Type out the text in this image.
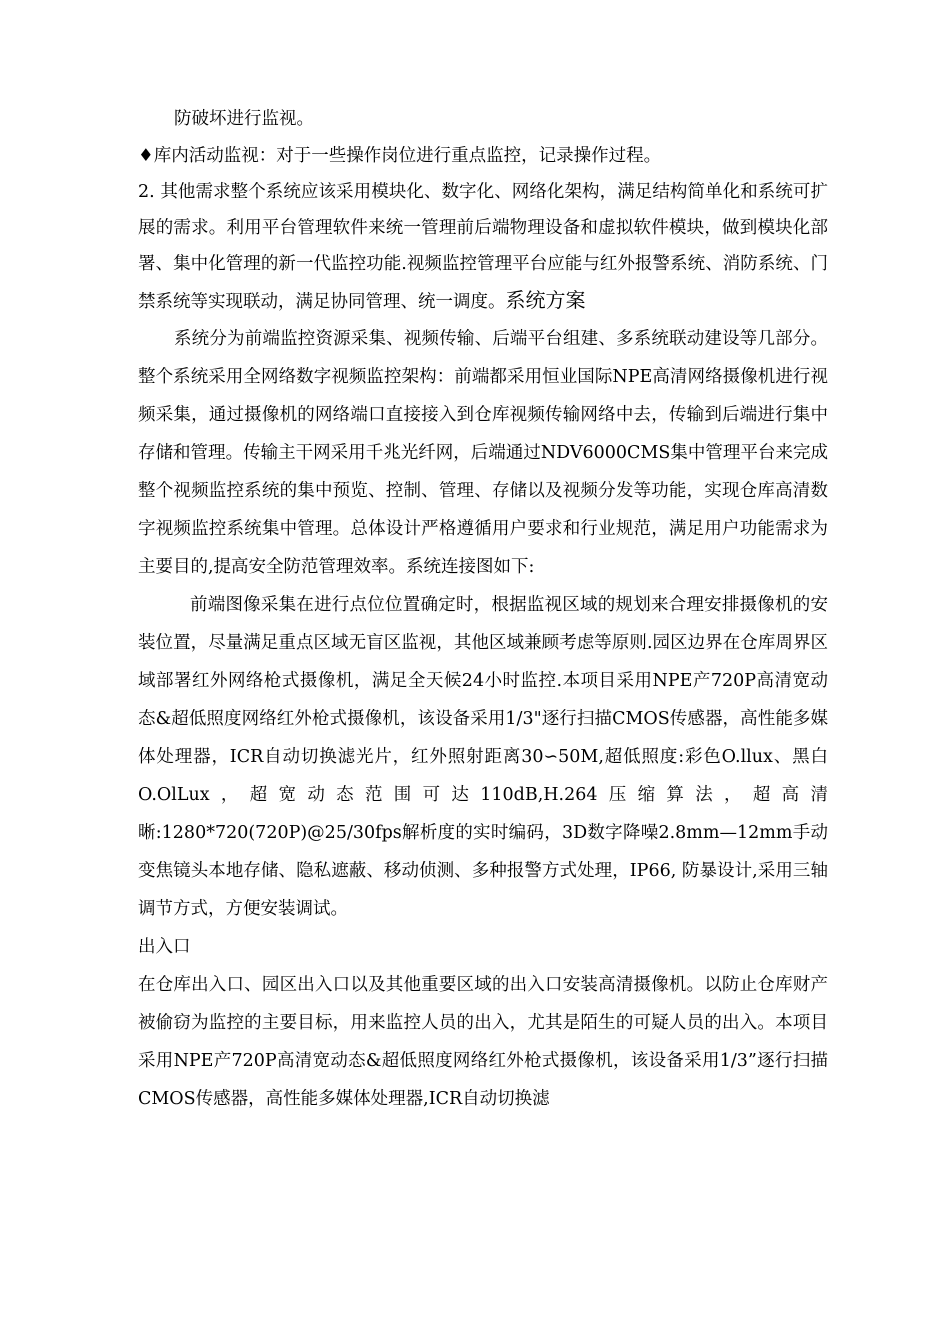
防破坏进行监视。

♦库内活动监视：对于一些操作岗位进行重点监控，记录操作过程。

2. 其他需求整个系统应该采用模块化、数字化、网络化架构，满足结构简单化和系统可扩展的需求。利用平台管理软件来统一管理前后端物理设备和虚拟软件模块，做到模块化部署、集中化管理的新一代监控功能.视频监控管理平台应能与红外报警系统、消防系统、门禁系统等实现联动，满足协同管理、统一调度。系统方案

系统分为前端监控资源采集、视频传输、后端平台组建、多系统联动建设等几部分。整个系统采用全网络数字视频监控架构：前端都采用恒业国际NPE高清网络摄像机进行视频采集，通过摄像机的网络端口直接接入到仓库视频传输网络中去，传输到后端进行集中存储和管理。传输主干网采用千兆光纤网，后端通过NDV6000CMS集中管理平台来完成整个视频监控系统的集中预览、控制、管理、存储以及视频分发等功能，实现仓库高清数字视频监控系统集中管理。总体设计严格遵循用户要求和行业规范，满足用户功能需求为主要目的,提高安全防范管理效率。系统连接图如下:

前端图像采集在进行点位位置确定时，根据监视区域的规划来合理安排摄像机的安装位置，尽量满足重点区域无盲区监视，其他区域兼顾考虑等原则.园区边界在仓库周界区域部署红外网络枪式摄像机，满足全天候24小时监控.本项目采用NPE产720P高清宽动态&超低照度网络红外枪式摄像机，该设备采用1/3"逐行扫描CMOS传感器，高性能多媒体处理器，ICR自动切换滤光片，红外照射距离30∽50M,超低照度:彩色O.llux、黑白O.OlLux，超宽动态范围可达110dB,H.264压缩算法，超高清晰:1280*720(720P)@25/30fps解析度的实时编码，3D数字降噪2.8mm—12mm手动变焦镜头本地存储、隐私遮蔽、移动侦测、多种报警方式处理，IP66, 防暴设计,采用三轴调节方式，方便安装调试。

出入口

在仓库出入口、园区出入口以及其他重要区域的出入口安装高清摄像机。以防止仓库财产被偷窃为监控的主要目标，用来监控人员的出入，尤其是陌生的可疑人员的出入。本项目采用NPE产720P高清宽动态&超低照度网络红外枪式摄像机，该设备采用1/3”逐行扫描CMOS传感器，高性能多媒体处理器,ICR自动切换滤
